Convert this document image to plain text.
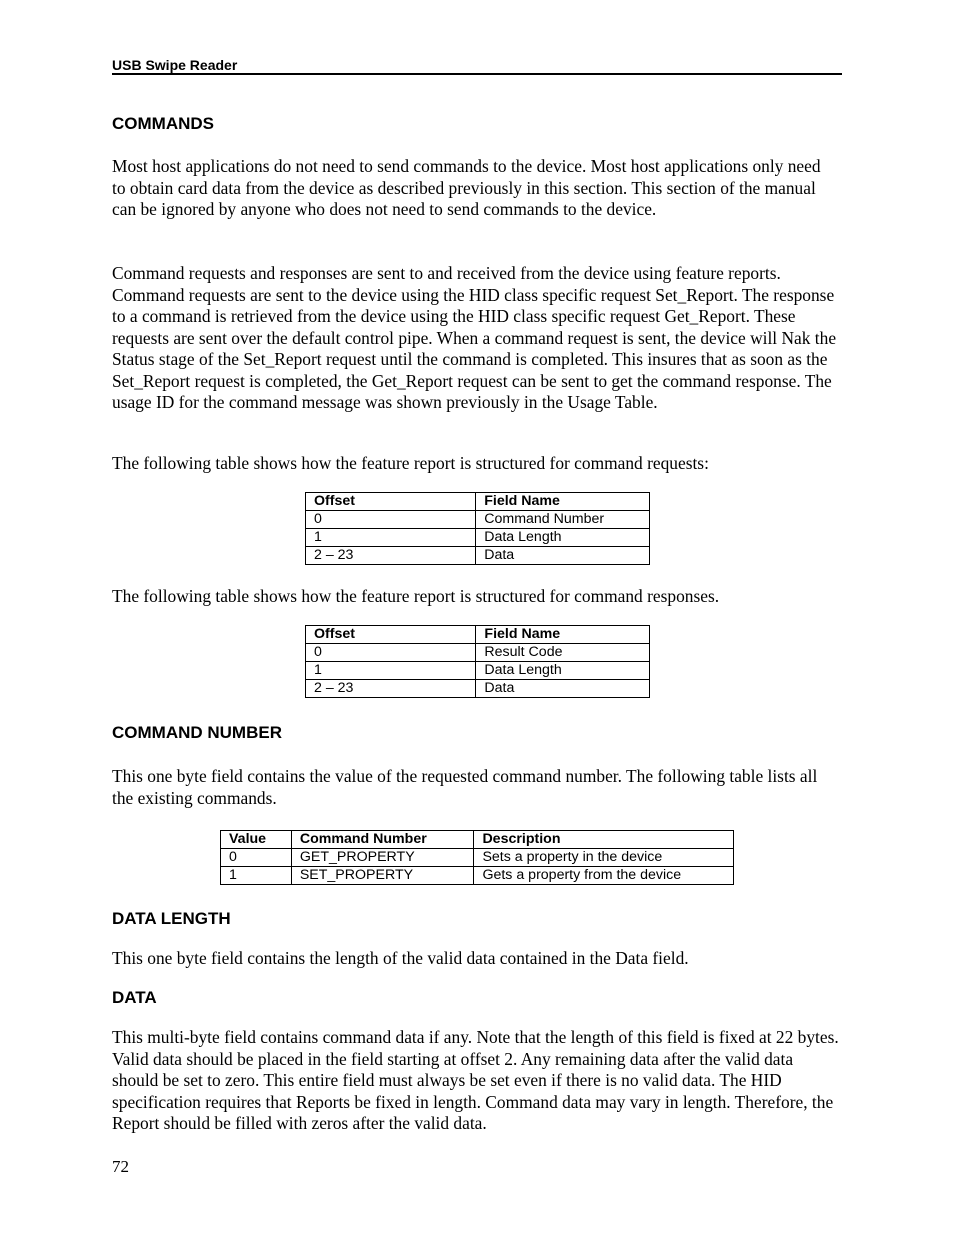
USB Swipe Reader
COMMANDS

Most host applications do not need to send commands to the device. Most host applications only need to obtain card data from the device as described previously in this section. This section of the manual can be ignored by anyone who does not need to send commands to the device.

Command requests and responses are sent to and received from the device using feature reports. Command requests are sent to the device using the HID class specific request Set_Report. The response to a command is retrieved from the device using the HID class specific request Get_Report. These requests are sent over the default control pipe. When a command request is sent, the device will Nak the Status stage of the Set_Report request until the command is completed. This insures that as soon as the Set_Report request is completed, the Get_Report request can be sent to get the command response. The usage ID for the command message was shown previously in the Usage Table.

The following table shows how the feature report is structured for command requests:

Offset	Field Name
0	Command Number
1	Data Length
2 – 23	Data

The following table shows how the feature report is structured for command responses.

Offset	Field Name
0	Result Code
1	Data Length
2 – 23	Data
COMMAND NUMBER

This one byte field contains the value of the requested command number. The following table lists all the existing commands.

Value	Command Number	Description
0	GET_PROPERTY	Sets a property in the device
1	SET_PROPERTY	Gets a property from the device
DATA LENGTH

This one byte field contains the length of the valid data contained in the Data field.

DATA

This multi-byte field contains command data if any. Note that the length of this field is fixed at 22 bytes. Valid data should be placed in the field starting at offset 2. Any remaining data after the valid data should be set to zero. This entire field must always be set even if there is no valid data. The HID specification requires that Reports be fixed in length. Command data may vary in length. Therefore, the Report should be filled with zeros after the valid data.

72
